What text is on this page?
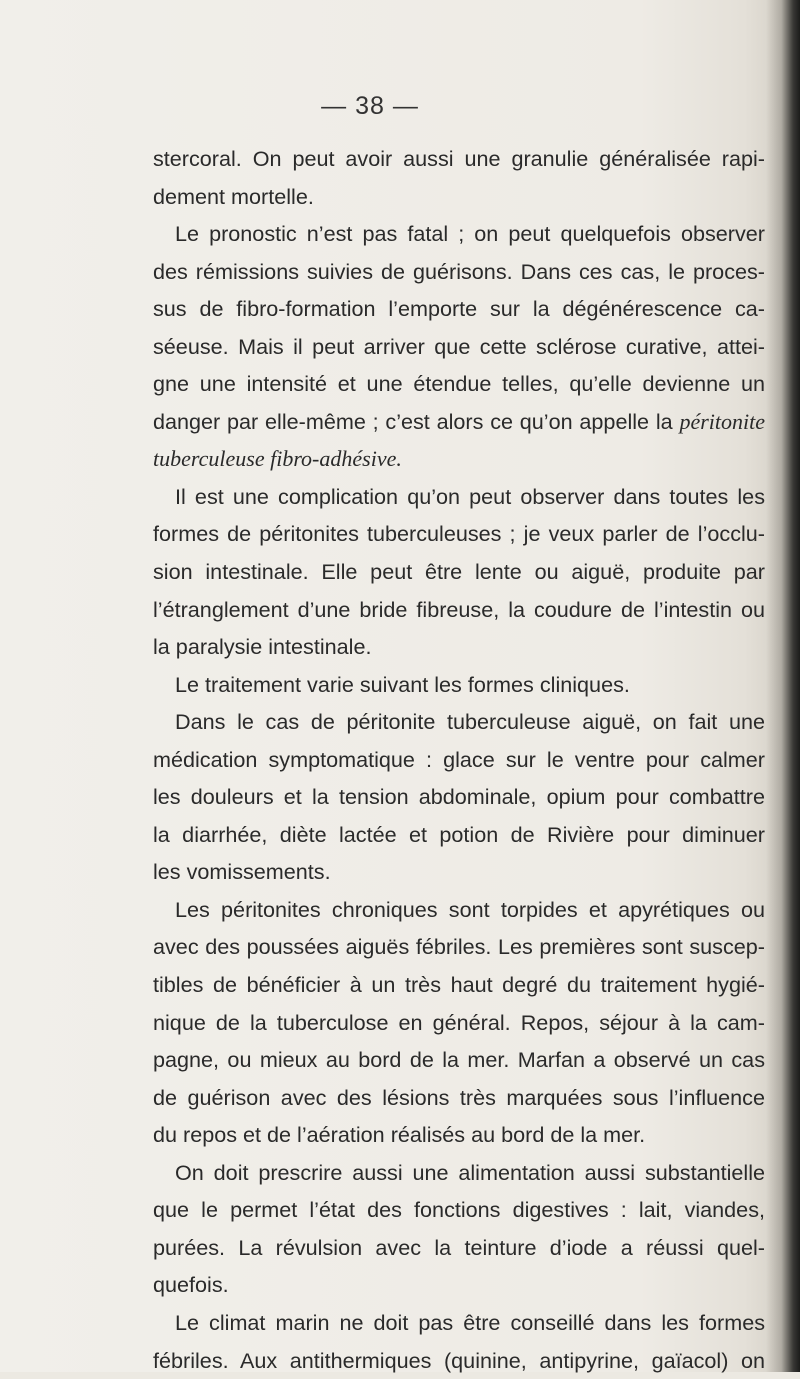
— 38 —
stercoral. On peut avoir aussi une granulie généralisée rapi-
dement mortelle.
Le pronostic n’est pas fatal ; on peut quelquefois observer
des rémissions suivies de guérisons. Dans ces cas, le proces-
sus de fibro-formation l’emporte sur la dégénérescence ca-
séeuse. Mais il peut arriver que cette sclérose curative, attei-
gne une intensité et une étendue telles, qu’elle devienne un
danger par elle-même ; c’est alors ce qu’on appelle la péritonite
tuberculeuse fibro-adhésive.
Il est une complication qu’on peut observer dans toutes les
formes de péritonites tuberculeuses ; je veux parler de l’occlu-
sion intestinale. Elle peut être lente ou aiguë, produite par
l’étranglement d’une bride fibreuse, la coudure de l’intestin ou
la paralysie intestinale.
Le traitement varie suivant les formes cliniques.
Dans le cas de péritonite tuberculeuse aiguë, on fait une
médication symptomatique : glace sur le ventre pour calmer
les douleurs et la tension abdominale, opium pour combattre
la diarrhée, diète lactée et potion de Rivière pour diminuer
les vomissements.
Les péritonites chroniques sont torpides et apyrétiques ou
avec des poussées aiguës fébriles. Les premières sont suscep-
tibles de bénéficier à un très haut degré du traitement hygié-
nique de la tuberculose en général. Repos, séjour à la cam-
pagne, ou mieux au bord de la mer. Marfan a observé un cas
de guérison avec des lésions très marquées sous l’influence
du repos et de l’aération réalisés au bord de la mer.
On doit prescrire aussi une alimentation aussi substantielle
que le permet l’état des fonctions digestives : lait, viandes,
purées. La révulsion avec la teinture d’iode a réussi quel-
quefois.
Le climat marin ne doit pas être conseillé dans les formes
fébriles. Aux antithermiques (quinine, antipyrine, gaïacol) on
